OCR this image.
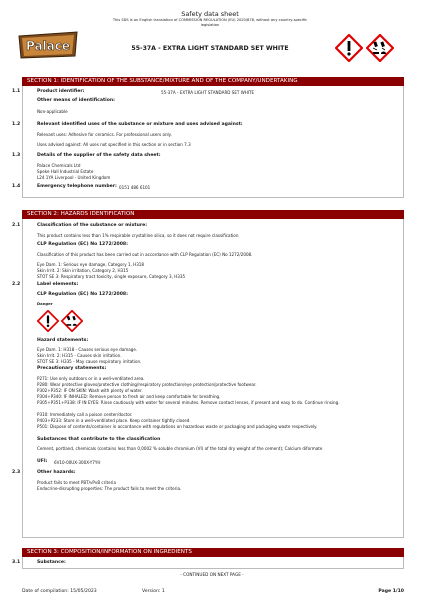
Palace
Safety data sheet
This SDS is an English translation of COMMISSION REGULATION (EU) 2020/878, without any country-specific
legislation
55-37A - EXTRA LIGHT STANDARD SET WHITE
SECTION 1: IDENTIFICATION OF THE SUBSTANCE/MIXTURE AND OF THE COMPANY/UNDERTAKING
1.1	Product identifier:	55-37A - EXTRA LIGHT STANDARD SET WHITE
Other means of identification:
Non-applicable
1.2	Relevant identified uses of the substance or mixture and uses advised against:
Relevant uses: Adhesive for ceramics. For professional users only.
Uses advised against: All uses not specified in this section or in section 7.3
1.3	Details of the supplier of the safety data sheet:
Palace Chemicals Ltd
Speke Hall Industrial Estate
L24 1YA Liverpool - United Kingdom
1.4	Emergency telephone number: 0151 486 6101
SECTION 2: HAZARDS IDENTIFICATION
2.1	Classification of the substance or mixture:
This product contains less than 1% respirable crystalline silica, so it does not require classification
CLP Regulation (EC) No 1272/2008:
Classification of this product has been carried out in accordance with CLP Regulation (EC) No 1272/2008.
Eye Dam. 1: Serious eye damage, Category 1, H318
Skin Irrit. 2: Skin irritation, Category 2, H315
STOT SE 3: Respiratory tract toxicity, single exposure, Category 3, H335
2.2	Label elements:
CLP Regulation (EC) No 1272/2008:
Danger
Hazard statements:
Eye Dam. 1: H318 - Causes serious eye damage.
Skin Irrit. 2: H315 - Causes skin irritation.
STOT SE 3: H335 - May cause respiratory irritation.
Precautionary statements:
P271: Use only outdoors or in a well-ventilated area.
P280: Wear protective gloves/protective clothing/respiratory protection/eye protection/protective footwear.
P302+P352: IF ON SKIN: Wash with plenty of water.
P304+P340: IF INHALED: Remove person to fresh air and keep comfortable for breathing.
P305+P351+P338: IF IN EYES: Rinse cautiously with water for several minutes. Remove contact lenses, if present and easy to do. Continue rinsing.
P310: Immediately call a poison center/doctor.
P403+P233: Store in a well-ventilated place. Keep container tightly closed.
P501: Dispose of contents/container in accordance with regulations on hazardous waste or packaging and packaging waste respectively.
Substances that contribute to the classification
Cement, portland, chemicals (contains less than 0,0002 % soluble chromium (VI) of the total dry weight of the cement); Calcium diformate
UFI: 6V10-00UX-300X-Y7YH
2.3	Other hazards:
Product fails to meet PBT/vPvB criteria
Endocrine-disrupting properties: The product fails to meet the criteria.
SECTION 3: COMPOSITION/INFORMATION ON INGREDIENTS
3.1	Substance:
- CONTINUED ON NEXT PAGE -
Date of compilation: 15/05/2023	Version: 1	Page 1/10
